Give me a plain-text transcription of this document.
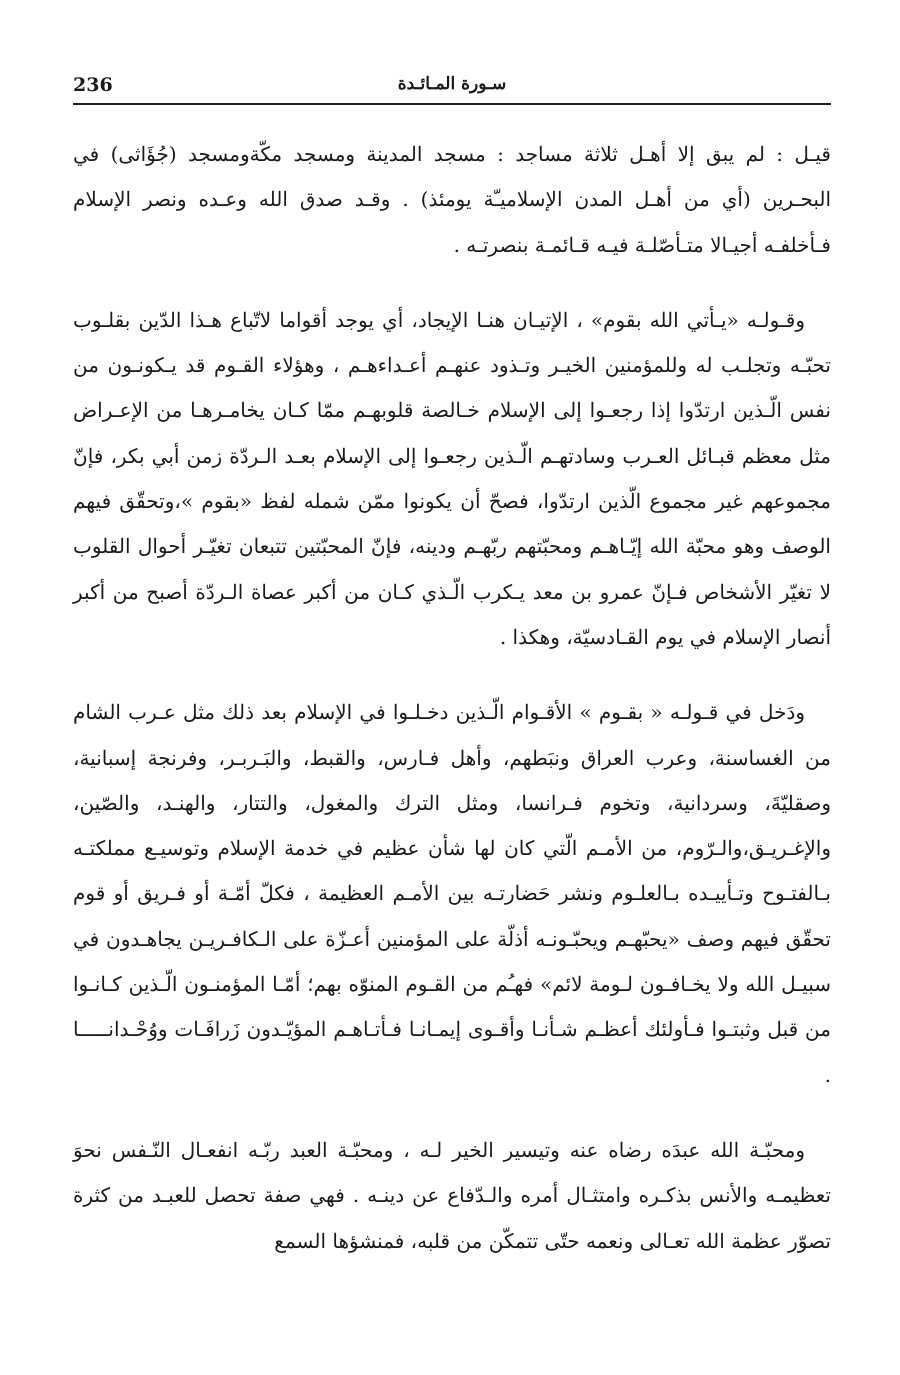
236	سـورة المـائـدة

قيـل : لم يبق إلا أهـل ثلاثة مساجد : مسجد المدينة ومسجد مكّةومسجد (جُؤَاثى) في البحـرين (أي من أهـل المدن الإسلاميـّة يومئذ) . وقـد صدق الله وعـده ونصر الإسلام فـأخلفـه أجيـالا متـأصّلـة فيـه قـائمـة بنصرتـه .

وقـولـه «يـأتي الله بقوم» ، الإتيـان هنـا الإيجاد، أي يوجد أقواما لاتّباع هـذا الدّين بقلـوب تحبّـه وتجلـب له وللمؤمنين الخيـر وتـذود عنهـم أعـداءهـم ، وهؤلاء القـوم قد يـكونـون من نفس الّـذين ارتدّوا إذا رجعـوا إلى الإسلام خـالصة قلوبهـم ممّا كـان يخامـرهـا من الإعـراض مثل معظم قبـائل العـرب وسادتهـم الّـذين رجعـوا إلى الإسلام بعـد الـردّة زمن أبي بكر، فإنّ مجموعهم غير مجموع الّذين ارتدّوا، فصحّ أن يكونوا ممّن شمله لفظ «بقوم »،وتحقّق فيهم الوصف وهو محبّة الله إيّـاهـم ومحبّتهم ربّهـم ودينه، فإنّ المحبّتين تتبعان تغيّـر أحوال القلوب لا تغيّر الأشخاص فـإنّ عمرو بن معد يـكرب الّـذي كـان من أكبر عصاة الـردّة أصبح من أكبر أنصار الإسلام في يوم القـادسيّة، وهكذا .

ودَخل في قـولـه « بقـوم » الأقـوام الّـذين دخـلـوا في الإسلام بعد ذلك مثل عـرب الشام من الغساسنة، وعرب العراق ونبَطهم، وأهل فـارس، والقبط، والبَـربـر، وفرنجة إسبانية، وصقليّةَ، وسردانية، وتخوم فـرانسا، ومثل الترك والمغول، والتتار، والهنـد، والصّين، والإغـريـق،والـرّوم، من الأمـم الّتي كان لها شأن عظيم في خدمة الإسلام وتوسيـع مملكتـه بـالفتـوح وتـأييـده بـالعلـوم ونشر حَضارتـه بين الأمـم العظيمة ، فكلّ أمّـة أو فـريق أو قوم تحقّق فيهم وصف «يحبّهـم ويحبّـونـه أذلّة على المؤمنين أعـزّة على الـكافـريـن يجاهـدون في سبيـل الله ولا يخـافـون لـومة لائم» فهـُم من القـوم المنوّه بهم؛ أمّـا المؤمنـون الّـذين كـانـوا من قبل وثبتـوا فـأولئك أعظـم شـأنـا وأقـوى إيمـانـا فـأتـاهـم المؤيّـدون زَرافَـات ووُحْـدانـــــا .

ومحبّـة الله عبدَه رضاه عنه وتيسير الخير لـه ، ومحبّـة العبد ربّـه انفعـال النّـفس نحوَ تعظيمـه والأنس بذكـره وامتثـال أمره والـدّفاع عن دينـه . فهي صفة تحصل للعبـد من كثرة تصوّر عظمة الله تعـالى ونعمه حتّى تتمكّن من قلبه، فمنشؤها السمع
